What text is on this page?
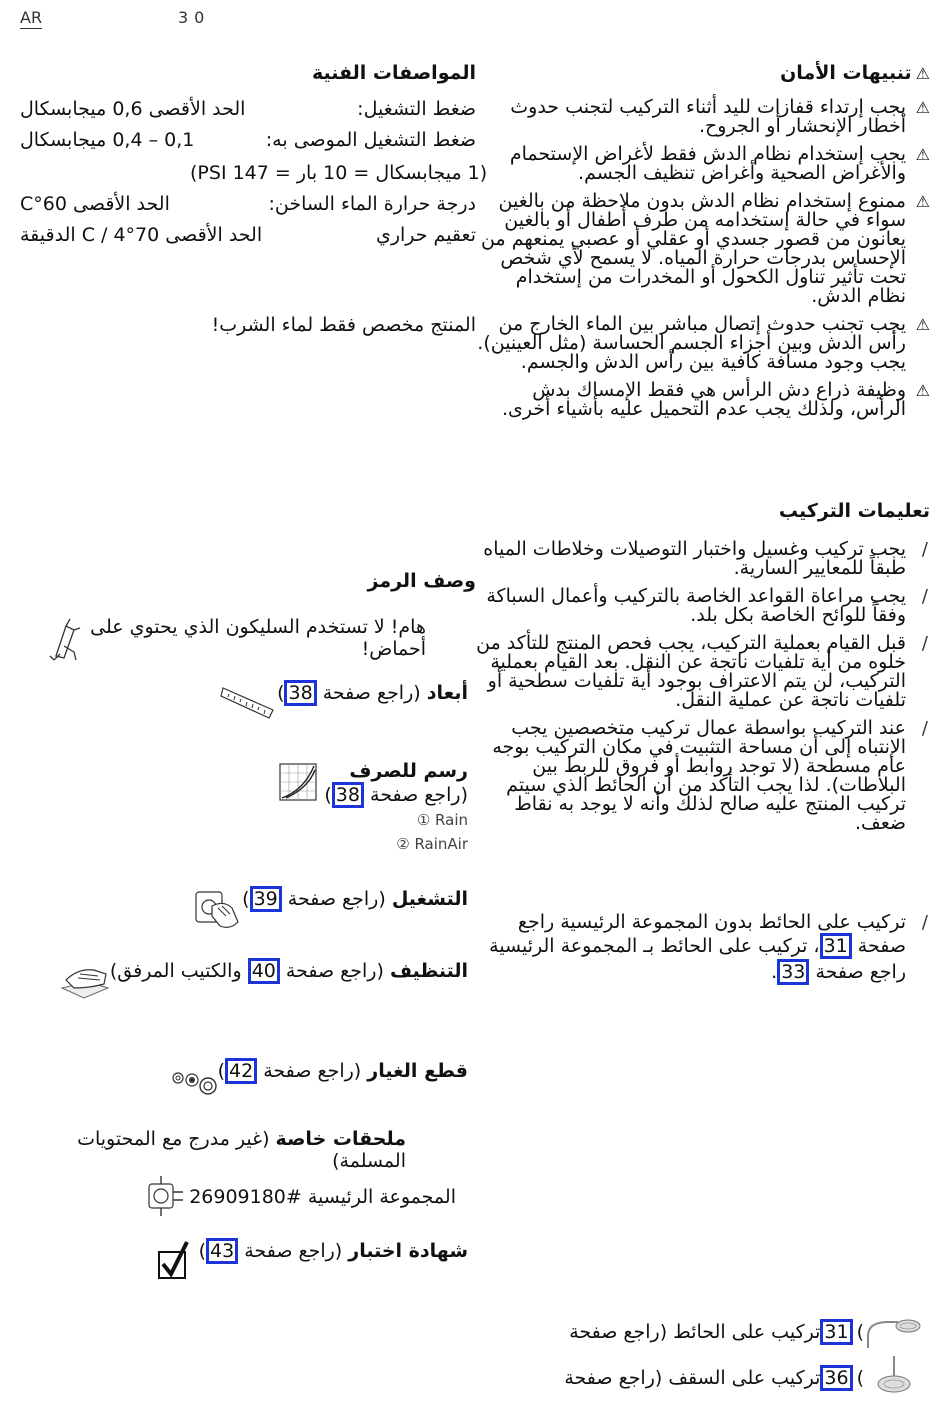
AR	30
⚠تنبيهات الأمان
⚠
يجب إرتداء قفازات لليد أثناء التركيب لتجنب حدوث أخطار الإنحشار أو الجروح.
⚠
يجب إستخدام نظام الدش فقط لأغراض الإستحمام والأغراض الصحية وأغراض تنظيف الجسم.
⚠
ممنوع إستخدام نظام الدش بدون ملاحظة من بالغين سواء في حالة إستخدامه من طرف أطفال أو بالغين يعانون من قصور جسدي أو عقلي أو عصبي يمنعهم من الإحساس بدرجات حرارة المياه. لا يسمح لأي شخص تحت تأثير تناول الكحول أو المخدرات من إستخدام نظام الدش.
⚠
يجب تجنب حدوث إتصال مباشر بين الماء الخارج من رأس الدش وبين أجزاء الجسم الحساسة (مثل العينين). يجب وجود مسافة كافية بين رأس الدش والجسم.
⚠
وظيفة ذراع دش الرأس هي فقط الإمساك بدش الرأس، ولذلك يجب عدم التحميل عليه بأشياء أخرى.
تعليمات التركيب
/
يجب تركيب وغسيل واختبار التوصيلات وخلاطات المياه طبقاً للمعايير السارية.
/
يجب مراعاة القواعد الخاصة بالتركيب وأعمال السباكة وفقاً للوائح الخاصة بكل بلد.
/
قبل القيام بعملية التركيب، يجب فحص المنتج للتأكد من خلوه من أية تلفيات ناتجة عن النقل. بعد القيام بعملية التركيب، لن يتم الاعتراف بوجود أية تلفيات سطحية أو تلفيات ناتجة عن عملية النقل.
/
عند التركيب بواسطة عمال تركيب متخصصين يجب الإنتباه إلى أن مساحة التثبيت في مكان التركيب بوجه عام مسطحة (لا توجد روابط أو فروق للربط بين البلاطات). لذا يجب التأكد من أن الحائط الذي سيتم تركيب المنتج عليه صالح لذلك وأنه لا يوجد به نقاط ضعف.
/
تركيب على الحائط بدون المجموعة الرئيسية راجع صفحة 31، تركيب على الحائط بـ المجموعة الرئيسية راجع صفحة 33.
المواصفات الفنية
ضغط التشغيل:
الحد الأقصى 0,6 ميجابسكال
ضغط التشغيل الموصى به:
0,1 – 0,4 ميجابسكال
(1 ميجابسكال = 10 بار = 147 PSI)
درجة حرارة الماء الساخن:
الحد الأقصى 60°C
تعقيم حراري
الحد الأقصى 70°C / 4 الدقيقة
المنتج مخصص فقط لماء الشرب!
وصف الرمز
هام! لا تستخدم السليكون الذي يحتوي على أحماض!
أبعاد (راجع صفحة 38)
رسم للصرف
(راجع صفحة 38)
Rain ①
RainAir ②
التشغيل (راجع صفحة 39)
التنظيف (راجع صفحة 40 والكتيب المرفق)
قطع الغيار (راجع صفحة 42)
ملحقات خاصة (غير مدرج مع المحتويات المسلمة)
المجموعة الرئيسية #26909180
شهادة اختبار (راجع صفحة 43)
تركيب على الحائط (راجع صفحة 31 )
تركيب على السقف (راجع صفحة 36 )
